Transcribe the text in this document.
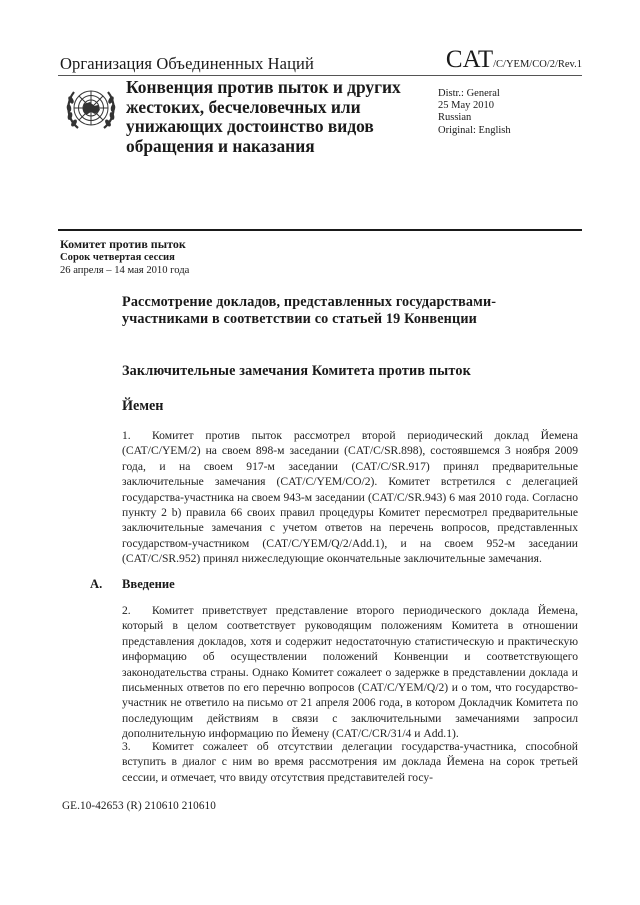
Организация Объединенных Наций	CAT/C/YEM/CO/2/Rev.1
Конвенция против пыток и других жестоких, бесчеловечных или унижающих достоинство видов обращения и наказания
Distr.: General
25 May 2010
Russian
Original: English
Комитет против пыток
Сорок четвертая сессия
26 апреля – 14 мая 2010 года
Рассмотрение докладов, представленных государствами-участниками в соответствии со статьей 19 Конвенции
Заключительные замечания Комитета против пыток
Йемен
1. Комитет против пыток рассмотрел второй периодический доклад Йемена (CAT/C/YEM/2) на своем 898-м заседании (CAT/C/SR.898), состоявшемся 3 ноября 2009 года, и на своем 917-м заседании (CAT/C/SR.917) принял предварительные заключительные замечания (CAT/C/YEM/CO/2). Комитет встретился с делегацией государства-участника на своем 943-м заседании (CAT/C/SR.943) 6 мая 2010 года. Согласно пункту 2 b) правила 66 своих правил процедуры Комитет пересмотрел предварительные заключительные замечания с учетом ответов на перечень вопросов, представленных государством-участником (CAT/C/YEM/Q/2/Add.1), и на своем 952-м заседании (CAT/C/SR.952) принял нижеследующие окончательные заключительные замечания.
A. Введение
2. Комитет приветствует представление второго периодического доклада Йемена, который в целом соответствует руководящим положениям Комитета в отношении представления докладов, хотя и содержит недостаточную статистическую и практическую информацию об осуществлении положений Конвенции и соответствующего законодательства страны. Однако Комитет сожалеет о задержке в представлении доклада и письменных ответов по его перечню вопросов (CAT/C/YEM/Q/2) и о том, что государство-участник не ответило на письмо от 21 апреля 2006 года, в котором Докладчик Комитета по последующим действиям в связи с заключительными замечаниями запросил дополнительную информацию по Йемену (CAT/C/CR/31/4 и Add.1).
3. Комитет сожалеет об отсутствии делегации государства-участника, способной вступить в диалог с ним во время рассмотрения им доклада Йемена на сорок третьей сессии, и отмечает, что ввиду отсутствия представителей госу-
GE.10-42653 (R) 210610 210610
